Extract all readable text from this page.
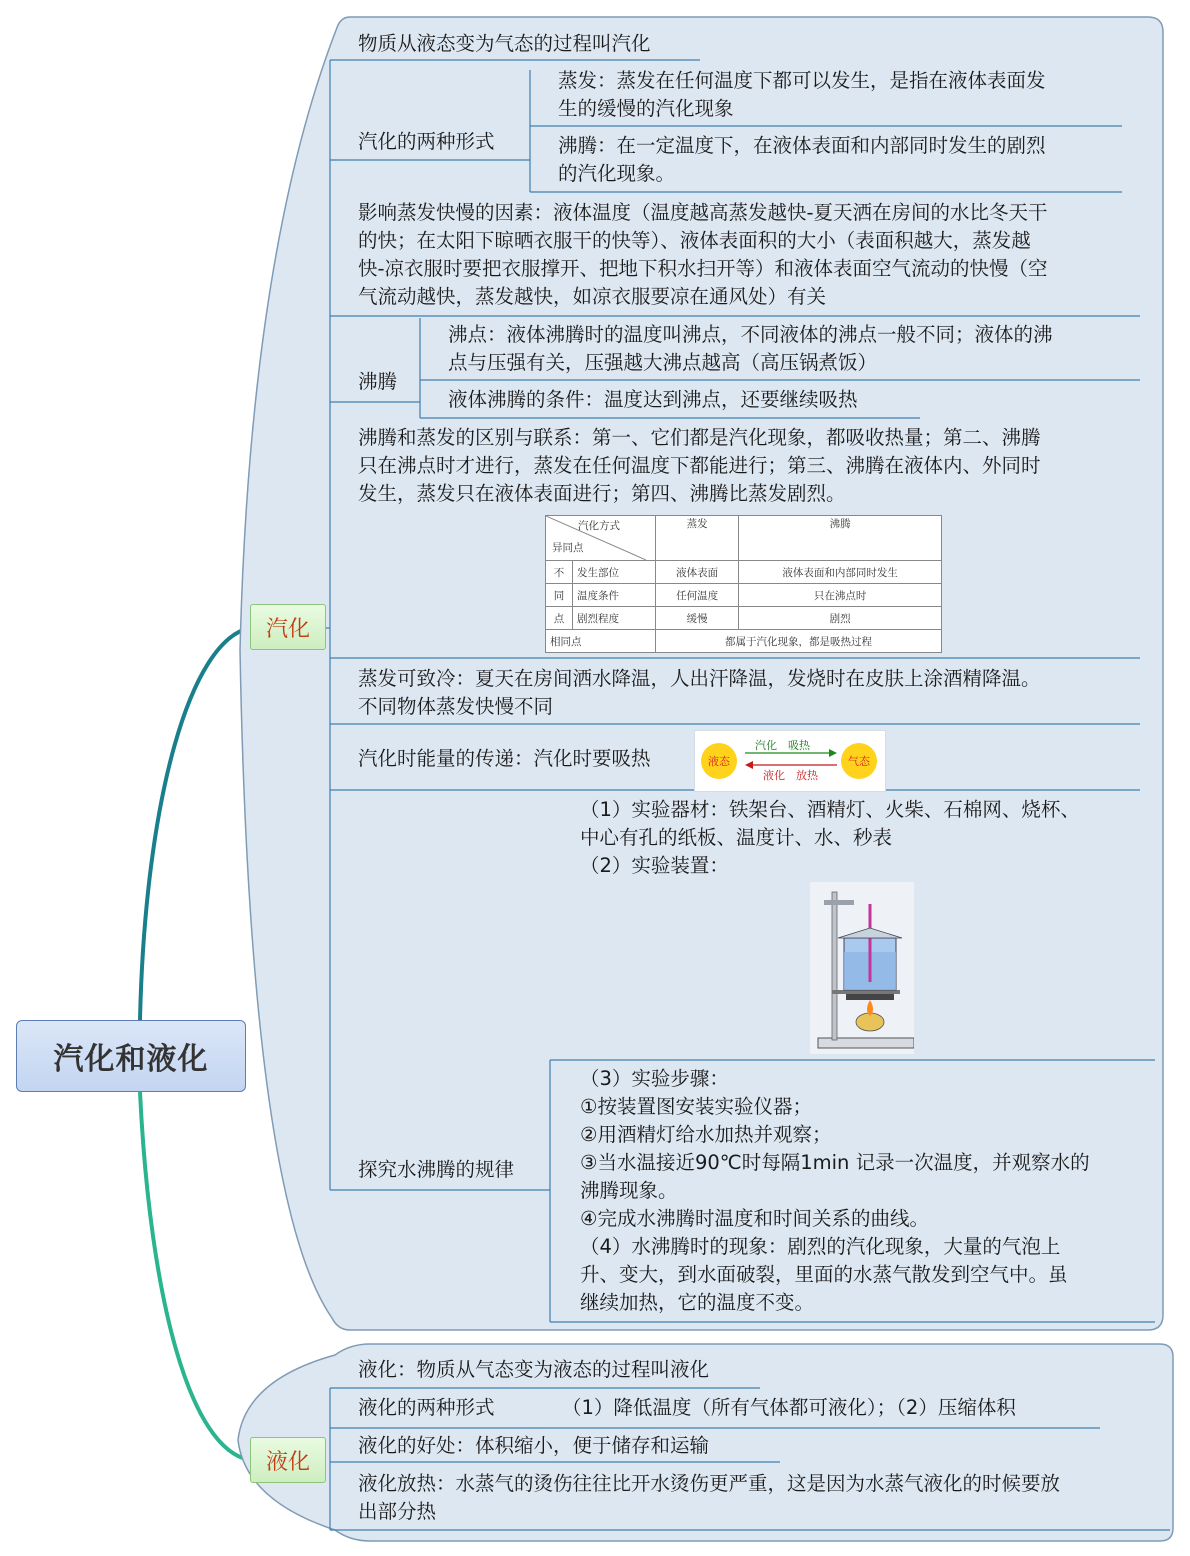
汽化和液化
汽化
液化
物质从液态变为气态的过程叫汽化
汽化的两种形式
蒸发：蒸发在任何温度下都可以发生，是指在液体表面发
生的缓慢的汽化现象
沸腾：在一定温度下，在液体表面和内部同时发生的剧烈
的汽化现象。
影响蒸发快慢的因素：液体温度（温度越高蒸发越快-夏天洒在房间的水比冬天干
的快；在太阳下晾晒衣服干的快等）、液体表面积的大小（表面积越大，蒸发越
快-凉衣服时要把衣服撑开、把地下积水扫开等）和液体表面空气流动的快慢（空
气流动越快，蒸发越快，如凉衣服要凉在通风处）有关
沸腾
沸点：液体沸腾时的温度叫沸点，不同液体的沸点一般不同；液体的沸
点与压强有关，压强越大沸点越高（高压锅煮饭）
液体沸腾的条件：温度达到沸点，还要继续吸热
沸腾和蒸发的区别与联系：第一、它们都是汽化现象，都吸收热量；第二、沸腾
只在沸点时才进行，蒸发在任何温度下都能进行；第三、沸腾在液体内、外同时
发生，蒸发只在液体表面进行；第四、沸腾比蒸发剧烈。
汽化方式
异同点		蒸发	沸腾
不	发生部位	液体表面	液体表面和内部同时发生
同	温度条件	任何温度	只在沸点时
点	剧烈程度	缓慢	剧烈
相同点		都属于汽化现象，都是吸热过程	
蒸发可致冷：夏天在房间洒水降温，人出汗降温，发烧时在皮肤上涂酒精降温。
不同物体蒸发快慢不同
汽化时能量的传递：汽化时要吸热	液态	气态
汽化　吸热
液化　放热
（1）实验器材：铁架台、酒精灯、火柴、石棉网、烧杯、
中心有孔的纸板、温度计、水、秒表
（2）实验装置：
探究水沸腾的规律
（3）实验步骤：
①按装置图安装实验仪器；
②用酒精灯给水加热并观察；
③当水温接近90℃时每隔1min 记录一次温度，并观察水的
沸腾现象。
④完成水沸腾时温度和时间关系的曲线。
（4）水沸腾时的现象：剧烈的汽化现象，大量的气泡上
升、变大，到水面破裂，里面的水蒸气散发到空气中。虽
继续加热，它的温度不变。
液化：物质从气态变为液态的过程叫液化
液化的两种形式	（1）降低温度（所有气体都可液化）；（2）压缩体积
液化的好处：体积缩小，便于储存和运输
液化放热：水蒸气的烫伤往往比开水烫伤更严重，这是因为水蒸气液化的时候要放
出部分热
